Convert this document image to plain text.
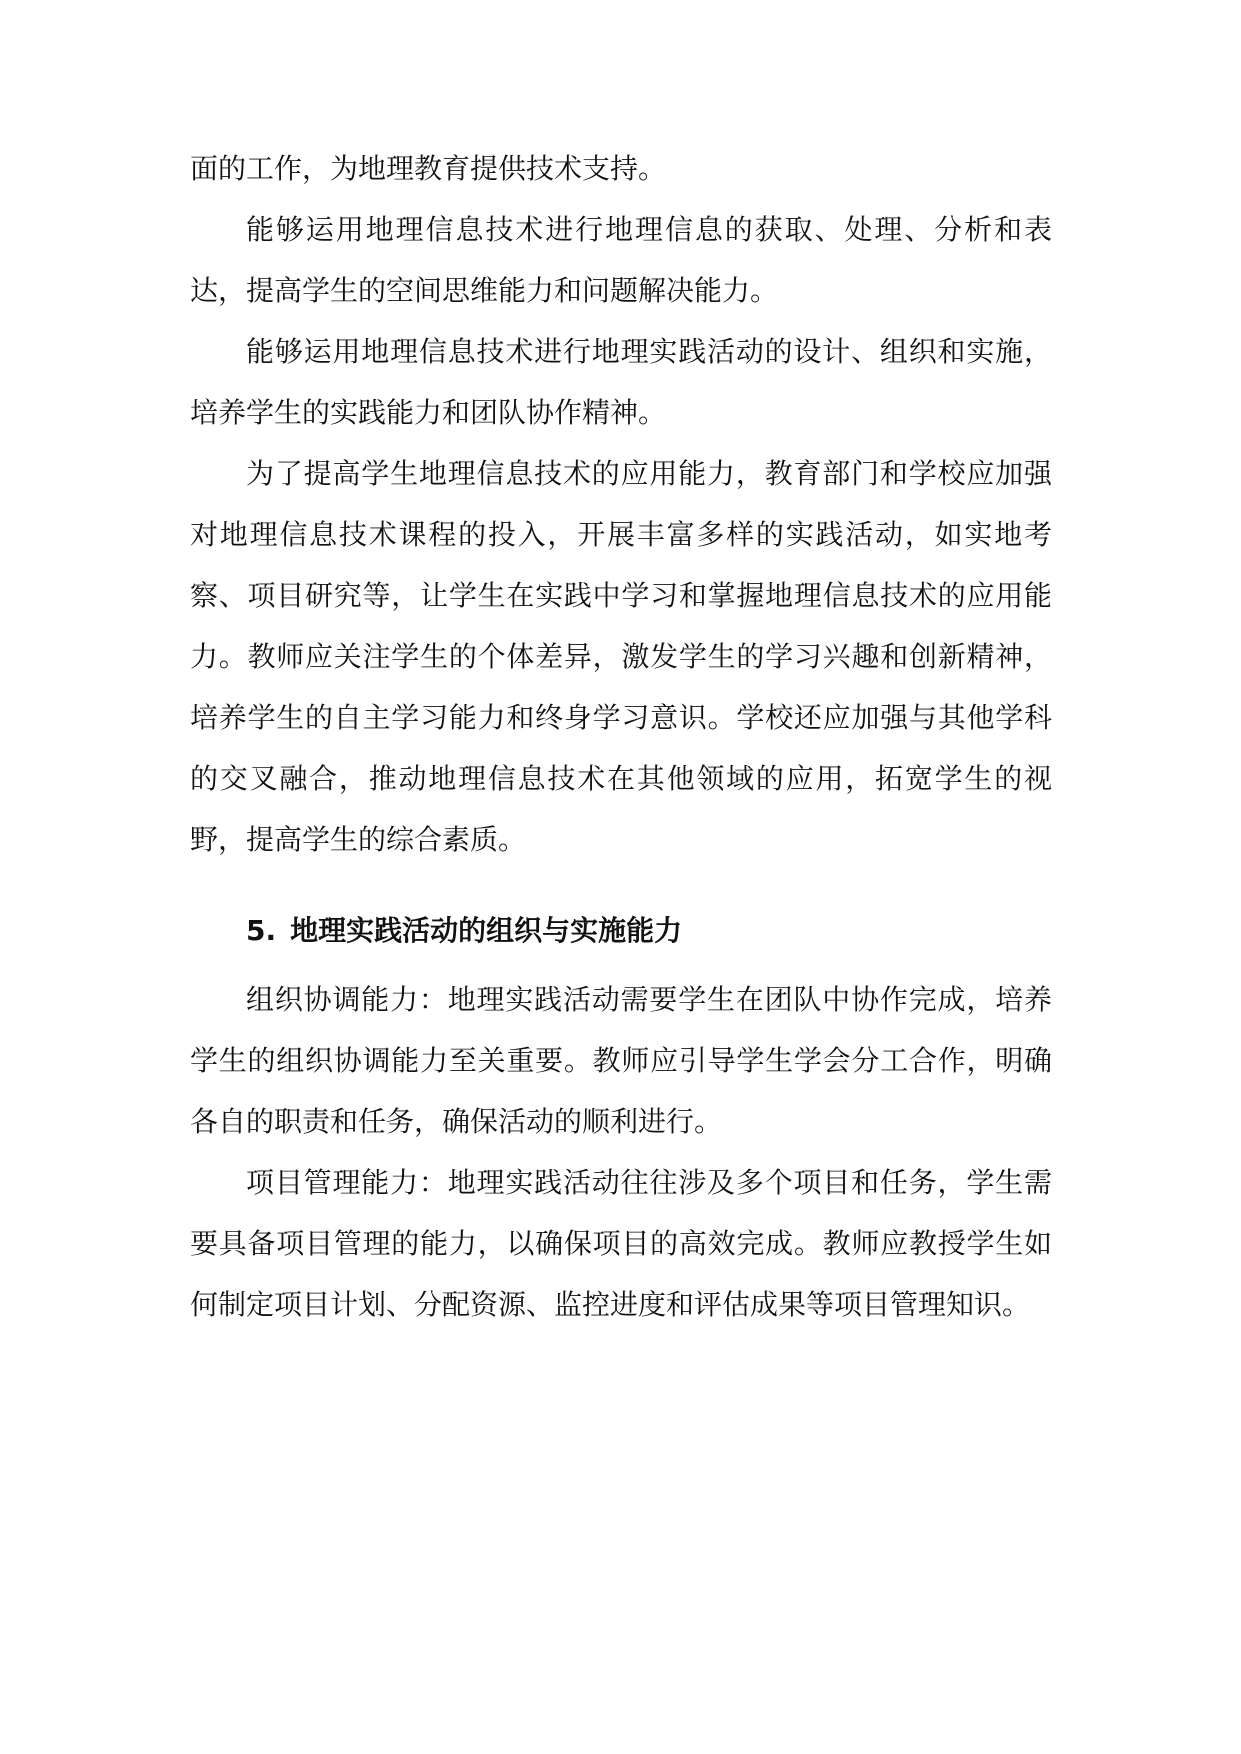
面的工作，为地理教育提供技术支持。

能够运用地理信息技术进行地理信息的获取、处理、分析和表达，提高学生的空间思维能力和问题解决能力。

能够运用地理信息技术进行地理实践活动的设计、组织和实施，培养学生的实践能力和团队协作精神。

为了提高学生地理信息技术的应用能力，教育部门和学校应加强对地理信息技术课程的投入，开展丰富多样的实践活动，如实地考察、项目研究等，让学生在实践中学习和掌握地理信息技术的应用能力。教师应关注学生的个体差异，激发学生的学习兴趣和创新精神，培养学生的自主学习能力和终身学习意识。学校还应加强与其他学科的交叉融合，推动地理信息技术在其他领域的应用，拓宽学生的视野，提高学生的综合素质。

5. 地理实践活动的组织与实施能力

组织协调能力：地理实践活动需要学生在团队中协作完成，培养学生的组织协调能力至关重要。教师应引导学生学会分工合作，明确各自的职责和任务，确保活动的顺利进行。

项目管理能力：地理实践活动往往涉及多个项目和任务，学生需要具备项目管理的能力，以确保项目的高效完成。教师应教授学生如何制定项目计划、分配资源、监控进度和评估成果等项目管理知识。
